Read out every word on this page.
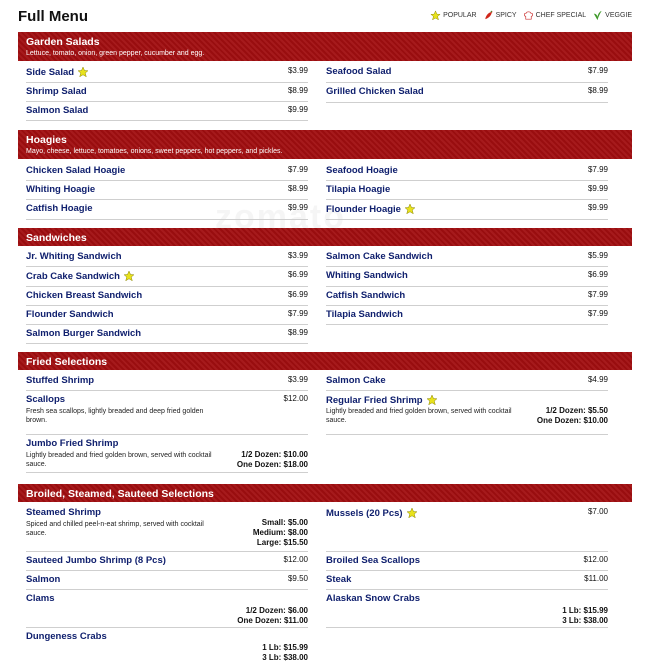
Full Menu	POPULAR	SPICY	CHEF SPECIAL	VEGGIE
Garden Salads
Lettuce, tomato, onion, green pepper, cucumber and egg.
Side Salad	$3.99
Shrimp Salad	$8.99
Salmon Salad	$9.99
Seafood Salad	$7.99
Grilled Chicken Salad	$8.99
Hoagies
Mayo, cheese, lettuce, tomatoes, onions, sweet peppers, hot peppers, and pickles.
Chicken Salad Hoagie	$7.99
Whiting Hoagie	$8.99
Catfish Hoagie	$9.99
Seafood Hoagie	$7.99
Tilapia Hoagie	$9.99
Flounder Hoagie	$9.99
Sandwiches
Jr. Whiting Sandwich	$3.99
Crab Cake Sandwich	$6.99
Chicken Breast Sandwich	$6.99
Flounder Sandwich	$7.99
Salmon Burger Sandwich	$8.99
Salmon Cake Sandwich	$5.99
Whiting Sandwich	$6.99
Catfish Sandwich	$7.99
Tilapia Sandwich	$7.99
Fried Selections
Stuffed Shrimp	$3.99
Scallops	$12.00
Fresh sea scallops, lightly breaded and deep fried golden brown.
Jumbo Fried Shrimp
Lightly breaded and fried golden brown, served with cocktail sauce.
1/2 Dozen: $10.00
One Dozen: $18.00
Salmon Cake	$4.99
Regular Fried Shrimp
Lightly breaded and fried golden brown, served with cocktail sauce.
1/2 Dozen: $5.50
One Dozen: $10.00
Broiled, Steamed, Sauteed Selections
Steamed Shrimp
Spiced and chilled peel-n-eat shrimp, served with cocktail sauce.
Small: $5.00
Medium: $8.00
Large: $15.50
Sauteed Jumbo Shrimp (8 Pcs)	$12.00
Salmon	$9.50
Clams
1/2 Dozen: $6.00
One Dozen: $11.00
Dungeness Crabs
1 Lb: $15.99
3 Lb: $38.00
Mussels (20 Pcs)	$7.00
Broiled Sea Scallops	$12.00
Steak	$11.00
Alaskan Snow Crabs
1 Lb: $15.99
3 Lb: $38.00
